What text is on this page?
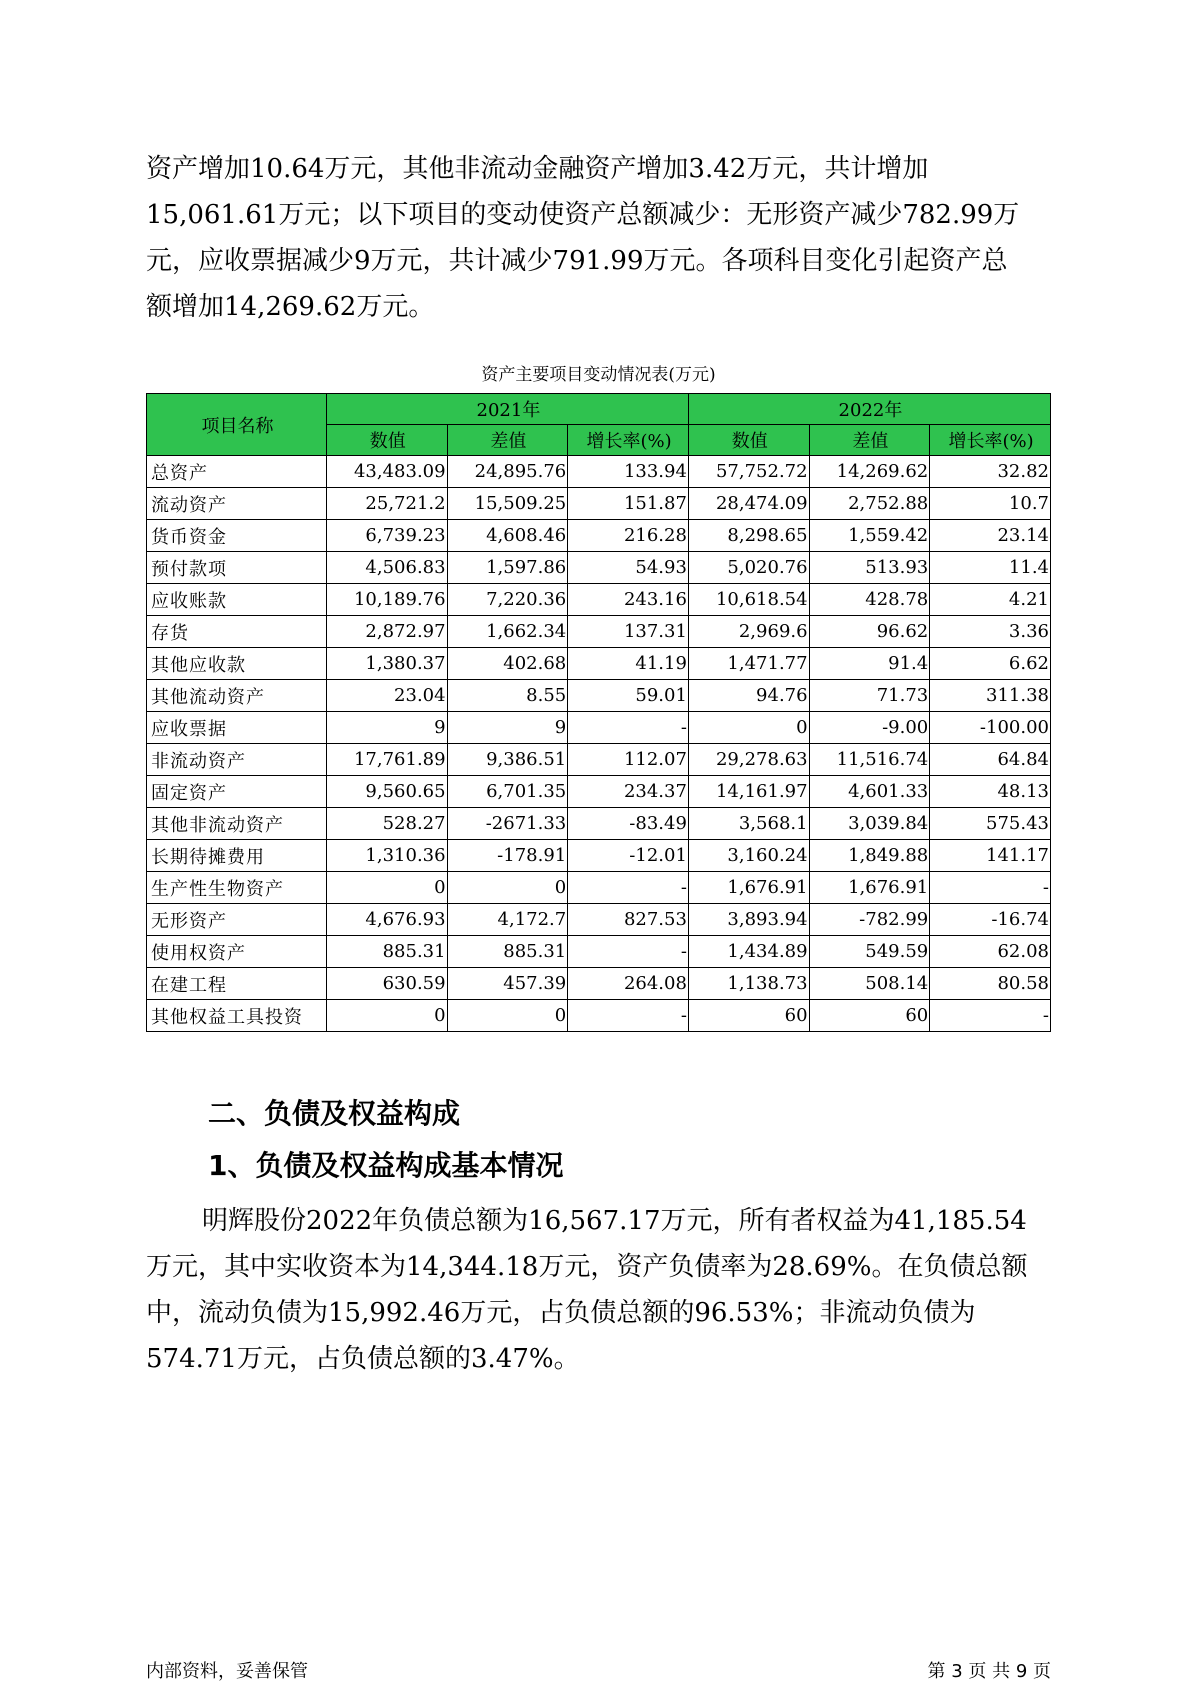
资产增加10.64万元，其他非流动金融资产增加3.42万元，共计增加
15,061.61万元；以下项目的变动使资产总额减少：无形资产减少782.99万
元，应收票据减少9万元，共计减少791.99万元。各项科目变化引起资产总
额增加14,269.62万元。
资产主要项目变动情况表(万元)
项目名称	2021年			2022年		
	数值	差值	增长率(%)	数值	差值	增长率(%)
总资产	43,483.09	24,895.76	133.94	57,752.72	14,269.62	32.82
流动资产	25,721.2	15,509.25	151.87	28,474.09	2,752.88	10.7
货币资金	6,739.23	4,608.46	216.28	8,298.65	1,559.42	23.14
预付款项	4,506.83	1,597.86	54.93	5,020.76	513.93	11.4
应收账款	10,189.76	7,220.36	243.16	10,618.54	428.78	4.21
存货	2,872.97	1,662.34	137.31	2,969.6	96.62	3.36
其他应收款	1,380.37	402.68	41.19	1,471.77	91.4	6.62
其他流动资产	23.04	8.55	59.01	94.76	71.73	311.38
应收票据	9	9	-	0	-9.00	-100.00
非流动资产	17,761.89	9,386.51	112.07	29,278.63	11,516.74	64.84
固定资产	9,560.65	6,701.35	234.37	14,161.97	4,601.33	48.13
其他非流动资产	528.27	-2671.33	-83.49	3,568.1	3,039.84	575.43
长期待摊费用	1,310.36	-178.91	-12.01	3,160.24	1,849.88	141.17
生产性生物资产	0	0	-	1,676.91	1,676.91	-
无形资产	4,676.93	4,172.7	827.53	3,893.94	-782.99	-16.74
使用权资产	885.31	885.31	-	1,434.89	549.59	62.08
在建工程	630.59	457.39	264.08	1,138.73	508.14	80.58
其他权益工具投资	0	0	-	60	60	-
二、负债及权益构成
1、负债及权益构成基本情况
明辉股份2022年负债总额为16,567.17万元，所有者权益为41,185.54
万元，其中实收资本为14,344.18万元，资产负债率为28.69%。在负债总额
中，流动负债为15,992.46万元，占负债总额的96.53%；非流动负债为
574.71万元，占负债总额的3.47%。
内部资料，妥善保管	第 3 页 共 9 页
